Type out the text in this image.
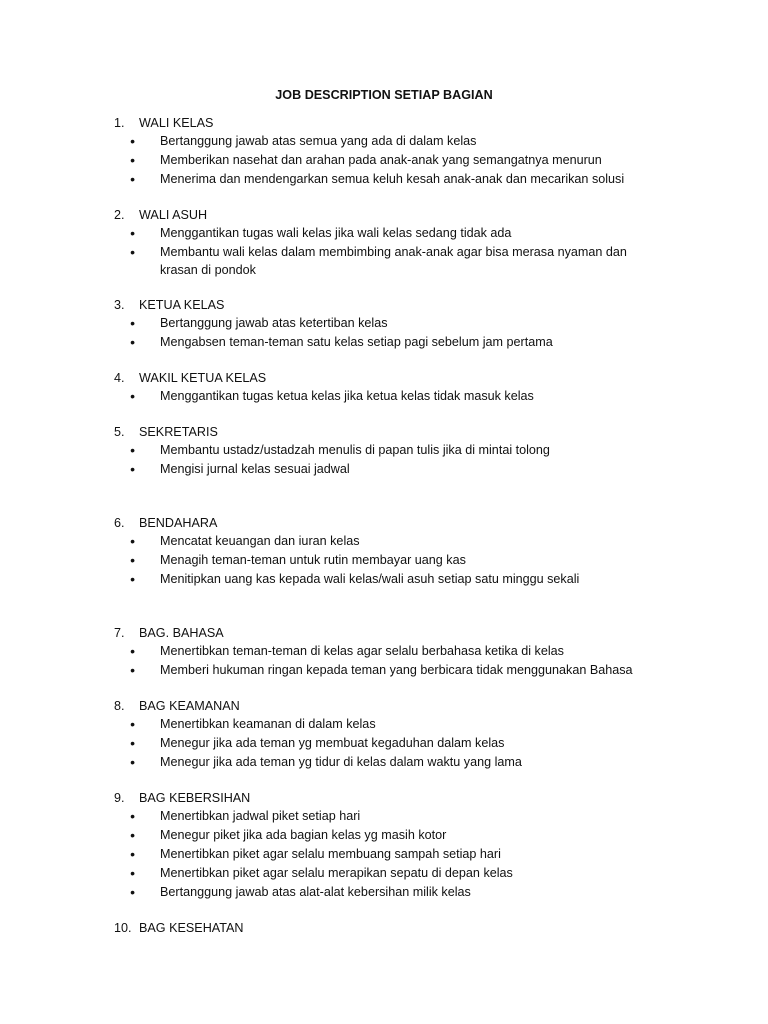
JOB DESCRIPTION SETIAP BAGIAN
1.	WALI KELAS
•
Bertanggung jawab atas semua yang ada di dalam kelas
•
Memberikan nasehat dan arahan pada anak-anak yang semangatnya menurun
•
Menerima dan mendengarkan semua keluh kesah anak-anak dan mecarikan solusi
2.	WALI ASUH
•
Menggantikan tugas wali kelas jika wali kelas sedang tidak ada
•
Membantu wali kelas dalam membimbing anak-anak agar bisa merasa nyaman dan krasan di pondok
3.	KETUA KELAS
•
Bertanggung jawab atas ketertiban kelas
•
Mengabsen teman-teman satu kelas setiap pagi sebelum jam pertama
4.	WAKIL KETUA KELAS
•
Menggantikan tugas ketua kelas jika ketua kelas tidak masuk kelas
5.	SEKRETARIS
•
Membantu ustadz/ustadzah menulis di papan tulis jika di mintai tolong
•
Mengisi jurnal kelas sesuai jadwal
6.	BENDAHARA
•
Mencatat keuangan dan iuran kelas
•
Menagih teman-teman untuk rutin membayar uang kas
•
Menitipkan uang kas kepada wali kelas/wali asuh setiap satu minggu sekali
7.	BAG. BAHASA
•
Menertibkan teman-teman di kelas agar selalu berbahasa ketika di kelas
•
Memberi hukuman ringan kepada teman yang berbicara tidak menggunakan Bahasa
8.	BAG KEAMANAN
•
Menertibkan keamanan di dalam kelas
•
Menegur jika ada teman yg membuat kegaduhan dalam kelas
•
Menegur jika ada teman yg tidur di kelas dalam waktu yang lama
9.	BAG KEBERSIHAN
•
Menertibkan jadwal piket setiap hari
•
Menegur piket jika ada bagian kelas yg masih kotor
•
Menertibkan piket agar selalu membuang sampah setiap hari
•
Menertibkan piket agar selalu merapikan sepatu di depan kelas
•
Bertanggung jawab atas alat-alat kebersihan milik kelas
10. BAG KESEHATAN
